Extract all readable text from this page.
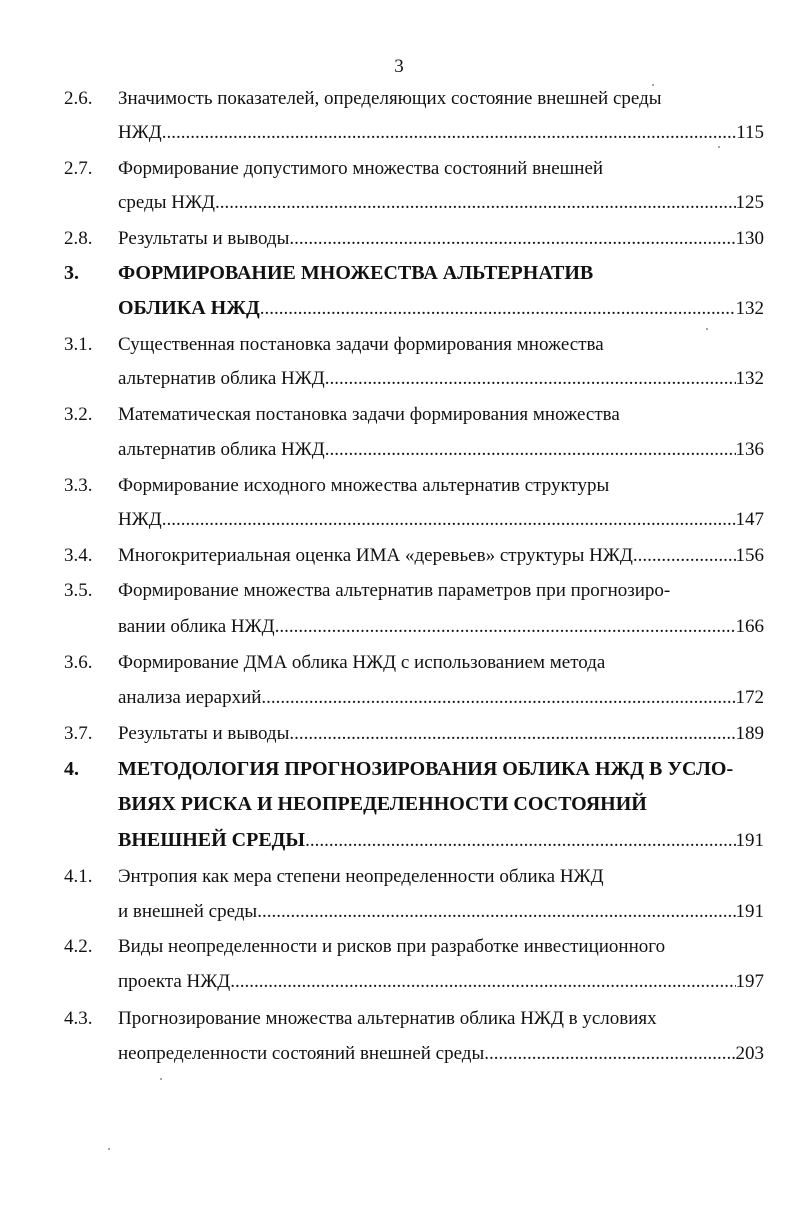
3
2.6. Значимость показателей, определяющих состояние внешней среды
НЖД .....	115
2.7. Формирование допустимого множества состояний внешней
среды НЖД .....	125
2.8. Результаты и выводы .....	130
3. ФОРМИРОВАНИЕ МНОЖЕСТВА АЛЬТЕРНАТИВ
ОБЛИКА НЖД .....	132
3.1. Существенная постановка задачи формирования множества
альтернатив облика НЖД .....	132
3.2. Математическая постановка задачи формирования множества
альтернатив облика НЖД .....	136
3.3. Формирование исходного множества альтернатив структуры
НЖД .....	147
3.4. Многокритериальная оценка ИМА «деревьев» структуры НЖД .....	156
3.5. Формирование множества альтернатив параметров при прогнозиро-
вании облика НЖД .....	166
3.6. Формирование ДМА облика НЖД с использованием метода
анализа иерархий .....	172
3.7. Результаты и выводы .....	189
4. МЕТОДОЛОГИЯ ПРОГНОЗИРОВАНИЯ ОБЛИКА НЖД В УСЛО-
ВИЯХ РИСКА И НЕОПРЕДЕЛЕННОСТИ СОСТОЯНИЙ
ВНЕШНЕЙ СРЕДЫ .....	191
4.1. Энтропия как мера степени неопределенности облика НЖД
и внешней среды .....	191
4.2. Виды неопределенности и рисков при разработке инвестиционного
проекта НЖД .....	197
4.3. Прогнозирование множества альтернатив облика НЖД в условиях
неопределенности состояний внешней среды .....	203
